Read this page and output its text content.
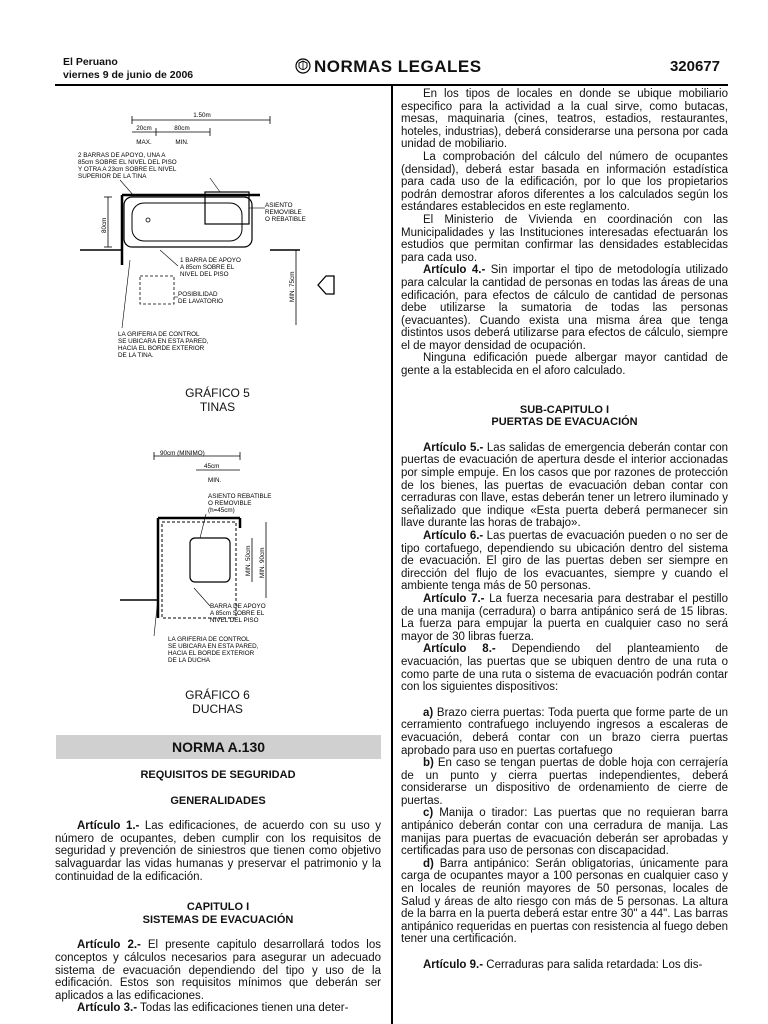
El Peruano
viernes 9 de junio de 2006	NORMAS LEGALES	320677
1.50m
20cm	80cm
MAX.	MIN.
2 BARRAS DE APOYO, UNA A
85cm SOBRE EL NIVEL DEL PISO
Y OTRA A 23cm SOBRE EL NIVEL
SUPERIOR DE LA TINA
ASIENTO
REMOVIBLE
O REBATIBLE
80cm
1 BARRA DE APOYO
A 85cm SOBRE EL
NIVEL DEL PISO
POSIBILIDAD
DE LAVATORIO	MIN. 75cm
LA GRIFERIA DE CONTROL
SE UBICARA EN ESTA PARED,
HACIA EL BORDE EXTERIOR
DE LA TINA.
GRÁFICO 5
TINAS
90cm (MINIMO)
45cm
MIN.
ASIENTO REBATIBLE
O REMOVIBLE
(h=45cm)
MIN. 50cm MIN. 90cm
BARRA DE APOYO
A 85cm SOBRE EL
NIVEL DEL PISO
LA GRIFERIA DE CONTROL
SE UBICARA EN ESTA PARED,
HACIA EL BORDE EXTERIOR
DE LA DUCHA
GRÁFICO 6
DUCHAS
NORMA A.130

REQUISITOS DE SEGURIDAD

GENERALIDADES

Artículo 1.- Las edificaciones, de acuerdo con su uso y número de ocupantes, deben cumplir con los requisitos de seguridad y prevención de siniestros que tienen como objetivo salvaguardar las vidas humanas y preservar el patrimonio y la continuidad de la edificación.

CAPITULO I
SISTEMAS DE EVACUACIÓN

Artículo 2.- El presente capitulo desarrollará todos los conceptos y cálculos necesarios para asegurar un adecuado sistema de evacuación dependiendo del tipo y uso de la edificación. Estos son requisitos mínimos que deberán ser aplicados a las edificaciones.

Artículo 3.- Todas las edificaciones tienen una deter-

En los tipos de locales en donde se ubique mobiliario especifico para la actividad a la cual sirve, como butacas, mesas, maquinaria (cines, teatros, estadios, restaurantes, hoteles, industrias), deberá considerarse una persona por cada unidad de mobiliario.

La comprobación del cálculo del número de ocupantes (densidad), deberá estar basada en información estadística para cada uso de la edificación, por lo que los propietarios podrán demostrar aforos diferentes a los calculados según los estándares establecidos en este reglamento.

El Ministerio de Vivienda en coordinación con las Municipalidades y las Instituciones interesadas efectuarán los estudios que permitan confirmar las densidades establecidas para cada uso.

Artículo 4.- Sin importar el tipo de metodología utilizado para calcular la cantidad de personas en todas las áreas de una edificación, para efectos de cálculo de cantidad de personas debe utilizarse la sumatoria de todas las personas (evacuantes). Cuando exista una misma área que tenga distintos usos deberá utilizarse para efectos de cálculo, siempre el de mayor densidad de ocupación.

Ninguna edificación puede albergar mayor cantidad de gente a la establecida en el aforo calculado.

SUB-CAPITULO I
PUERTAS DE EVACUACIÓN

Artículo 5.- Las salidas de emergencia deberán contar con puertas de evacuación de apertura desde el interior accionadas por simple empuje. En los casos que por razones de protección de los bienes, las puertas de evacuación deban contar con cerraduras con llave, estas deberán tener un letrero iluminado y señalizado que indique «Esta puerta deberá permanecer sin llave durante las horas de trabajo».

Artículo 6.- Las puertas de evacuación pueden o no ser de tipo cortafuego, dependiendo su ubicación dentro del sistema de evacuación. El giro de las puertas deben ser siempre en dirección del flujo de los evacuantes, siempre y cuando el ambiente tenga más de 50 personas.

Artículo 7.- La fuerza necesaria para destrabar el pestillo de una manija (cerradura) o barra antipánico será de 15 libras. La fuerza para empujar la puerta en cualquier caso no será mayor de 30 libras fuerza.

Artículo 8.- Dependiendo del planteamiento de evacuación, las puertas que se ubiquen dentro de una ruta o como parte de una ruta o sistema de evacuación podrán contar con los siguientes dispositivos:

a) Brazo cierra puertas: Toda puerta que forme parte de un cerramiento contrafuego incluyendo ingresos a escaleras de evacuación, deberá contar con un brazo cierra puertas aprobado para uso en puertas cortafuego

b) En caso se tengan puertas de doble hoja con cerrajería de un punto y cierra puertas independientes, deberá considerarse un dispositivo de ordenamiento de cierre de puertas.

c) Manija o tirador: Las puertas que no requieran barra antipánico deberán contar con una cerradura de manija. Las manijas para puertas de evacuación deberán ser aprobadas y certificadas para uso de personas con discapacidad.

d) Barra antipánico: Serán obligatorias, únicamente para carga de ocupantes mayor a 100 personas en cualquier caso y en locales de reunión mayores de 50 personas, locales de Salud y áreas de alto riesgo con más de 5 personas. La altura de la barra en la puerta deberá estar entre 30" a 44". Las barras antipánico requeridas en puertas con resistencia al fuego deben tener una certificación.

Artículo 9.- Cerraduras para salida retardada: Los dis-
